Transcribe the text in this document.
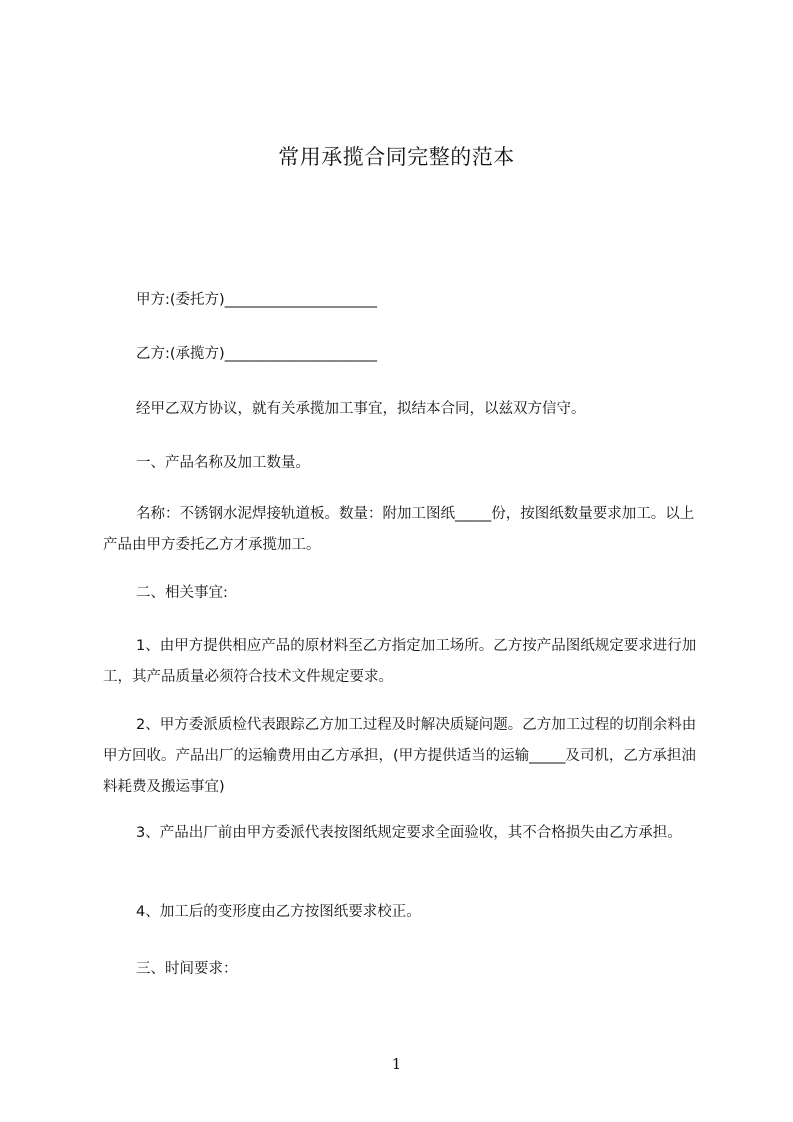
常用承揽合同完整的范本

甲方:(委托方)_____________________

乙方:(承揽方)_____________________

经甲乙双方协议，就有关承揽加工事宜，拟结本合同，以兹双方信守。

一、产品名称及加工数量。

名称：不锈钢水泥焊接轨道板。数量：附加工图纸_____份，按图纸数量要求加工。以上产品由甲方委托乙方才承揽加工。

二、相关事宜:

1、由甲方提供相应产品的原材料至乙方指定加工场所。乙方按产品图纸规定要求进行加工，其产品质量必须符合技术文件规定要求。

2、甲方委派质检代表跟踪乙方加工过程及时解决质疑问题。乙方加工过程的切削余料由甲方回收。产品出厂的运输费用由乙方承担，(甲方提供适当的运输_____及司机，乙方承担油料耗费及搬运事宜)

3、产品出厂前由甲方委派代表按图纸规定要求全面验收，其不合格损失由乙方承担。

4、加工后的变形度由乙方按图纸要求校正。

三、时间要求：

1
